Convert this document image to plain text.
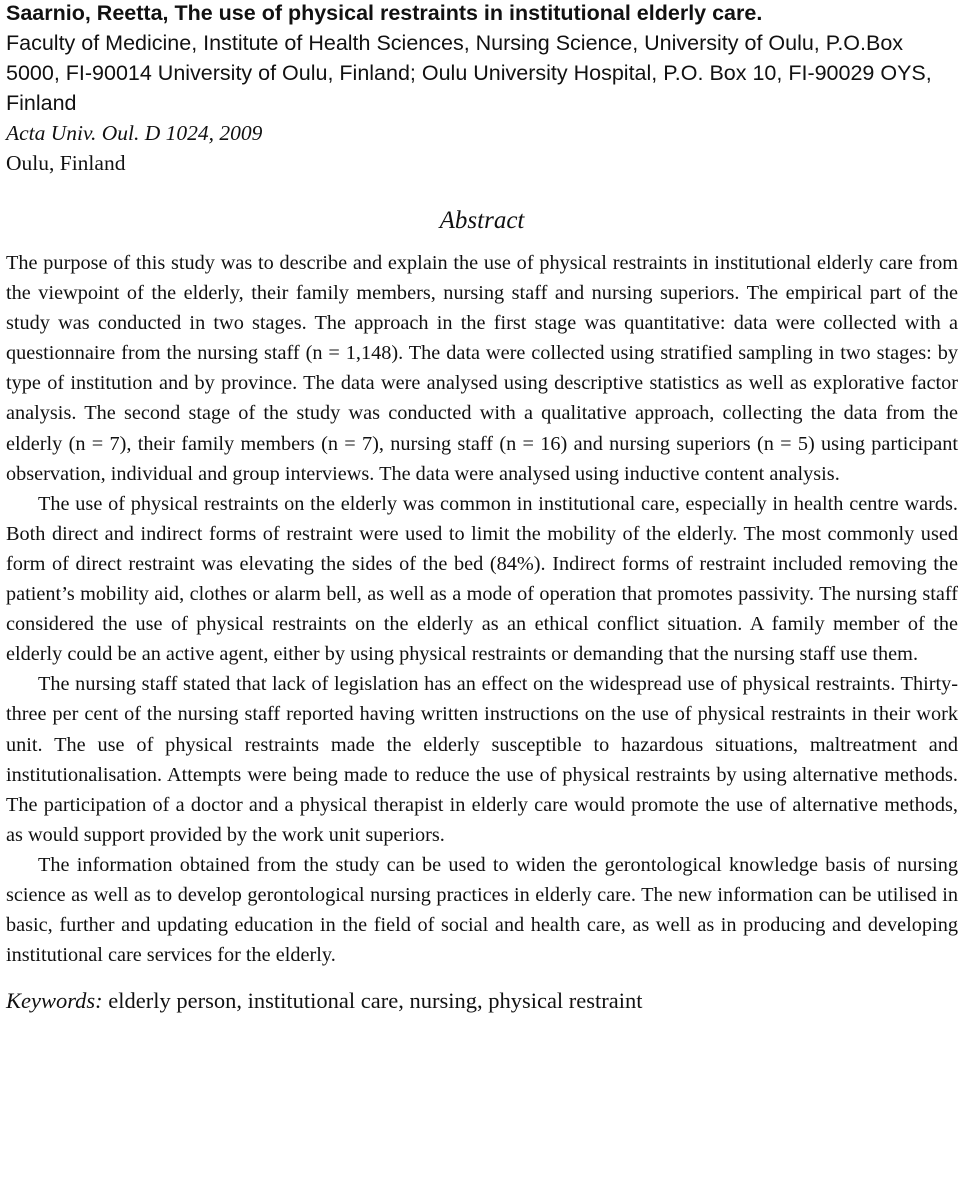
Saarnio, Reetta, The use of physical restraints in institutional elderly care.
Faculty of Medicine, Institute of Health Sciences, Nursing Science, University of Oulu, P.O.Box 5000, FI-90014 University of Oulu, Finland; Oulu University Hospital, P.O. Box 10, FI-90029 OYS, Finland
Acta Univ. Oul. D 1024, 2009
Oulu, Finland
Abstract

The purpose of this study was to describe and explain the use of physical restraints in institutional elderly care from the viewpoint of the elderly, their family members, nursing staff and nursing superiors. The empirical part of the study was conducted in two stages. The approach in the first stage was quantitative: data were collected with a questionnaire from the nursing staff (n = 1,148). The data were collected using stratified sampling in two stages: by type of institution and by province. The data were analysed using descriptive statistics as well as explorative factor analysis. The second stage of the study was conducted with a qualitative approach, collecting the data from the elderly (n = 7), their family members (n = 7), nursing staff (n = 16) and nursing superiors (n = 5) using participant observation, individual and group interviews. The data were analysed using inductive content analysis.

The use of physical restraints on the elderly was common in institutional care, especially in health centre wards. Both direct and indirect forms of restraint were used to limit the mobility of the elderly. The most commonly used form of direct restraint was elevating the sides of the bed (84%). Indirect forms of restraint included removing the patient’s mobility aid, clothes or alarm bell, as well as a mode of operation that promotes passivity. The nursing staff considered the use of physical restraints on the elderly as an ethical conflict situation. A family member of the elderly could be an active agent, either by using physical restraints or demanding that the nursing staff use them.

The nursing staff stated that lack of legislation has an effect on the widespread use of physical restraints. Thirty-three per cent of the nursing staff reported having written instructions on the use of physical restraints in their work unit. The use of physical restraints made the elderly susceptible to hazardous situations, maltreatment and institutionalisation. Attempts were being made to reduce the use of physical restraints by using alternative methods. The participation of a doctor and a physical therapist in elderly care would promote the use of alternative methods, as would support provided by the work unit superiors.

The information obtained from the study can be used to widen the gerontological knowledge basis of nursing science as well as to develop gerontological nursing practices in elderly care. The new information can be utilised in basic, further and updating education in the field of social and health care, as well as in producing and developing institutional care services for the elderly.

Keywords: elderly person, institutional care, nursing, physical restraint
